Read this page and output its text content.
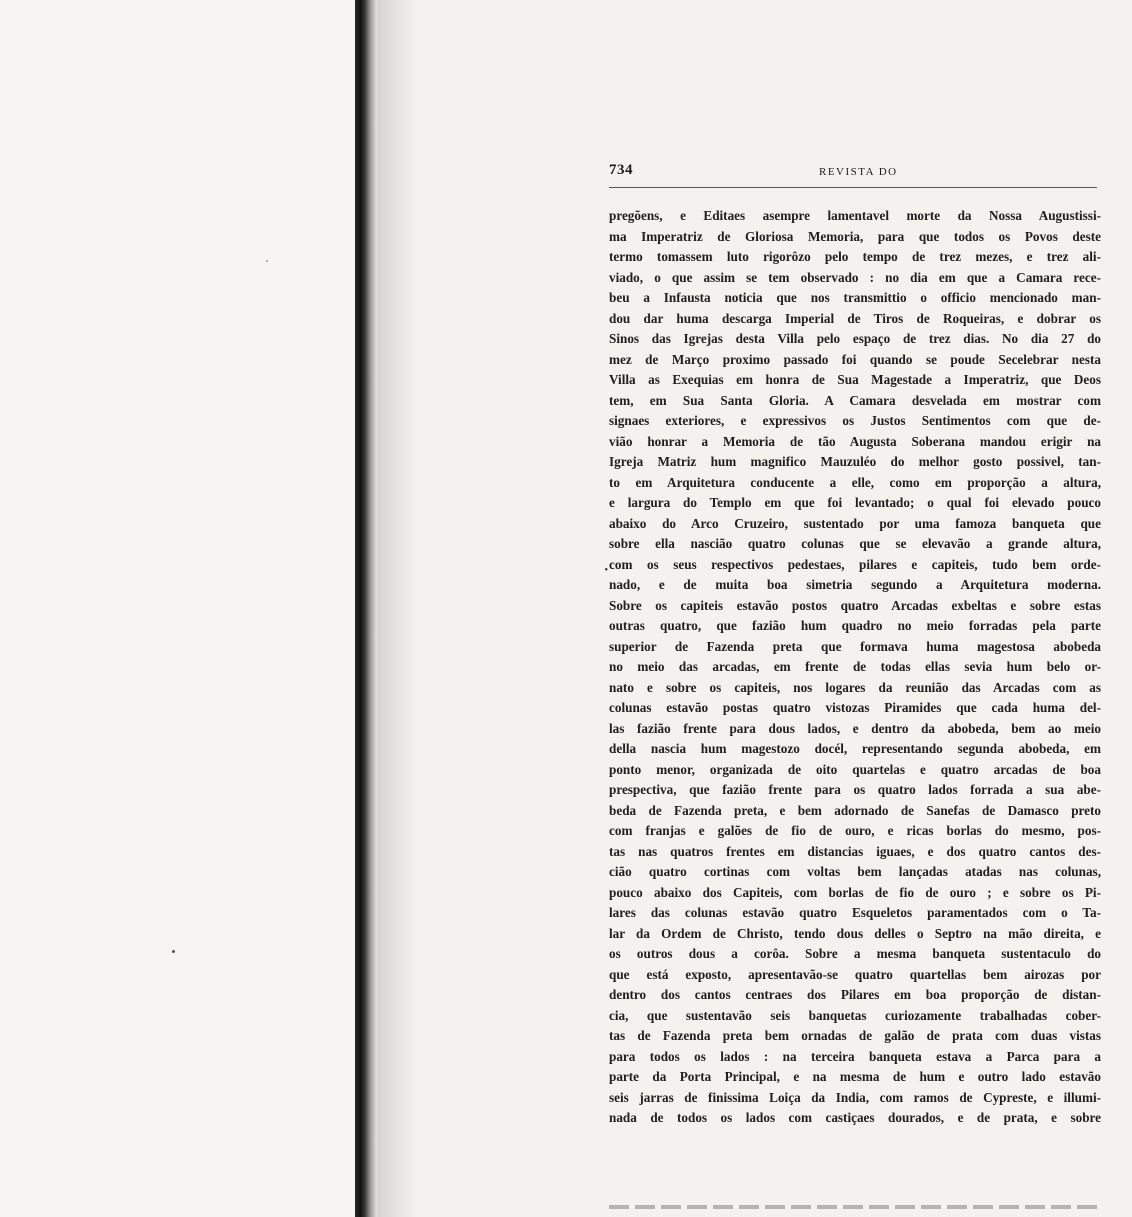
734	REVISTA DO
·
pregõens, e Editaes asempre lamentavel morte da Nossa Augustissi-
ma Imperatriz de Gloriosa Memoria, para que todos os Povos deste
termo tomassem luto rigorôzo pelo tempo de trez mezes, e trez ali-
viado, o que assim se tem observado : no dia em que a Camara rece-
beu a Infausta noticia que nos transmittio o officio mencionado man-
dou dar huma descarga Imperial de Tiros de Roqueiras, e dobrar os
Sinos das Igrejas desta Villa pelo espaço de trez dias. No dia 27 do
mez de Março proximo passado foi quando se poude Secelebrar nesta
Villa as Exequias em honra de Sua Magestade a Imperatriz, que Deos
tem, em Sua Santa Gloria. A Camara desvelada em mostrar com
signaes exteriores, e expressivos os Justos Sentimentos com que de-
vião honrar a Memoria de tão Augusta Soberana mandou erigir na
Igreja Matriz hum magnifico Mauzuléo do melhor gosto possivel, tan-
to em Arquitetura conducente a elle, como em proporção a altura,
e largura do Templo em que foi levantado; o qual foi elevado pouco
abaixo do Arco Cruzeiro, sustentado por uma famoza banqueta que
sobre ella nascião quatro colunas que se elevavão a grande altura,
com os seus respectivos pedestaes, pilares e capiteis, tudo bem orde-
nado, e de muita boa simetria segundo a Arquitetura moderna.
Sobre os capiteis estavão postos quatro Arcadas exbeltas e sobre estas
outras quatro, que fazião hum quadro no meio forradas pela parte
superior de Fazenda preta que formava huma magestosa abobeda
no meio das arcadas, em frente de todas ellas sevia hum belo or-
nato e sobre os capiteis, nos logares da reunião das Arcadas com as
colunas estavão postas quatro vistozas Piramides que cada huma del-
las fazião frente para dous lados, e dentro da abobeda, bem ao meio
della nascia hum magestozo docél, representando segunda abobeda, em
ponto menor, organizada de oito quartelas e quatro arcadas de boa
prespectiva, que fazião frente para os quatro lados forrada a sua abe-
beda de Fazenda preta, e bem adornado de Sanefas de Damasco preto
com franjas e galões de fio de ouro, e ricas borlas do mesmo, pos-
tas nas quatros frentes em distancias iguaes, e dos quatro cantos des-
cião quatro cortinas com voltas bem lançadas atadas nas colunas,
pouco abaixo dos Capiteis, com borlas de fio de ouro ; e sobre os Pi-
lares das colunas estavão quatro Esqueletos paramentados com o Ta-
lar da Ordem de Christo, tendo dous delles o Septro na mão direita, e
os outros dous a corôa. Sobre a mesma banqueta sustentaculo do
que está exposto, apresentavão-se quatro quartellas bem airozas por
dentro dos cantos centraes dos Pilares em boa proporção de distan-
cia, que sustentavão seis banquetas curiozamente trabalhadas cober-
tas de Fazenda preta bem ornadas de galão de prata com duas vistas
para todos os lados : na terceira banqueta estava a Parca para a
parte da Porta Principal, e na mesma de hum e outro lado estavão
seis jarras de finissima Loiça da India, com ramos de Cypreste, e illumi-
nada de todos os lados com castiçaes dourados, e de prata, e sobre
